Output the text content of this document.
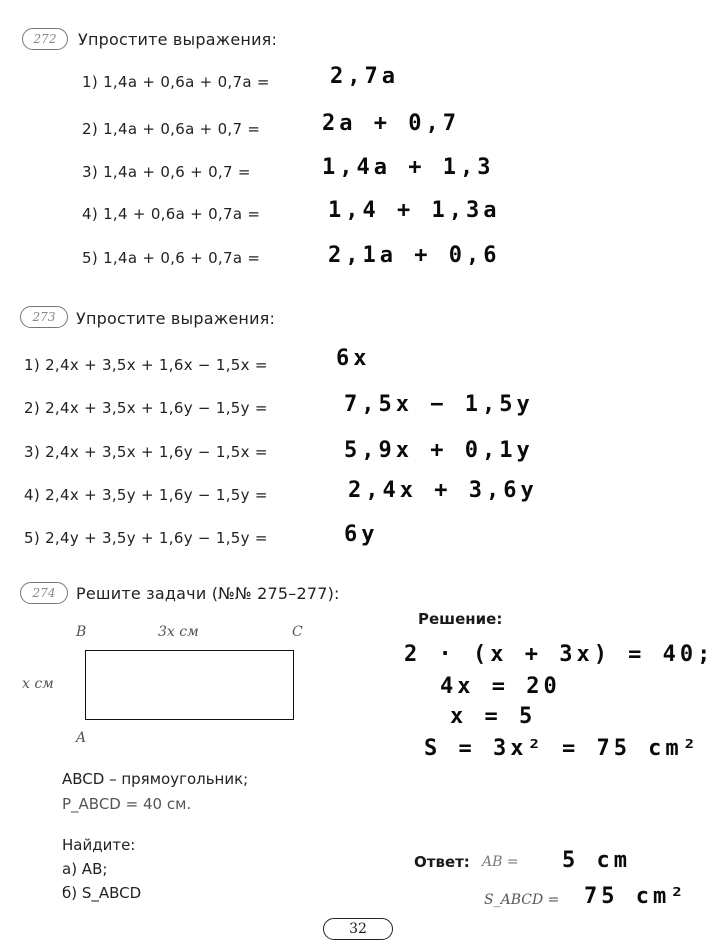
272	Упростите выражения:
1) 1,4a + 0,6a + 0,7a =	2,7a
2) 1,4a + 0,6a + 0,7 =	2a + 0,7
3) 1,4a + 0,6 + 0,7 =	1,4a + 1,3
4) 1,4 + 0,6a + 0,7a =	1,4 + 1,3a
5) 1,4a + 0,6 + 0,7a =	2,1a + 0,6
273	Упростите выражения:
1) 2,4x + 3,5x + 1,6x − 1,5x =	6x
2) 2,4x + 3,5x + 1,6y − 1,5y =	7,5x − 1,5y
3) 2,4x + 3,5x + 1,6y − 1,5x =	5,9x + 0,1y
4) 2,4x + 3,5y + 1,6y − 1,5y =	2,4x + 3,6y
5) 2,4y + 3,5y + 1,6y − 1,5y =	6y
274	Решите задачи (№№ 275–277):
B	3x см	C
x см
A
ABCD – прямоугольник;
P_ABCD = 40 см.
Найдите:
а) AB;
б) S_ABCD
Решение:
2 · (x + 3x) = 40;
4x = 20
x = 5
S = 3x² = 75 cm²
Ответ: AB = 5 cm
S_ABCD = 75 cm²
32
